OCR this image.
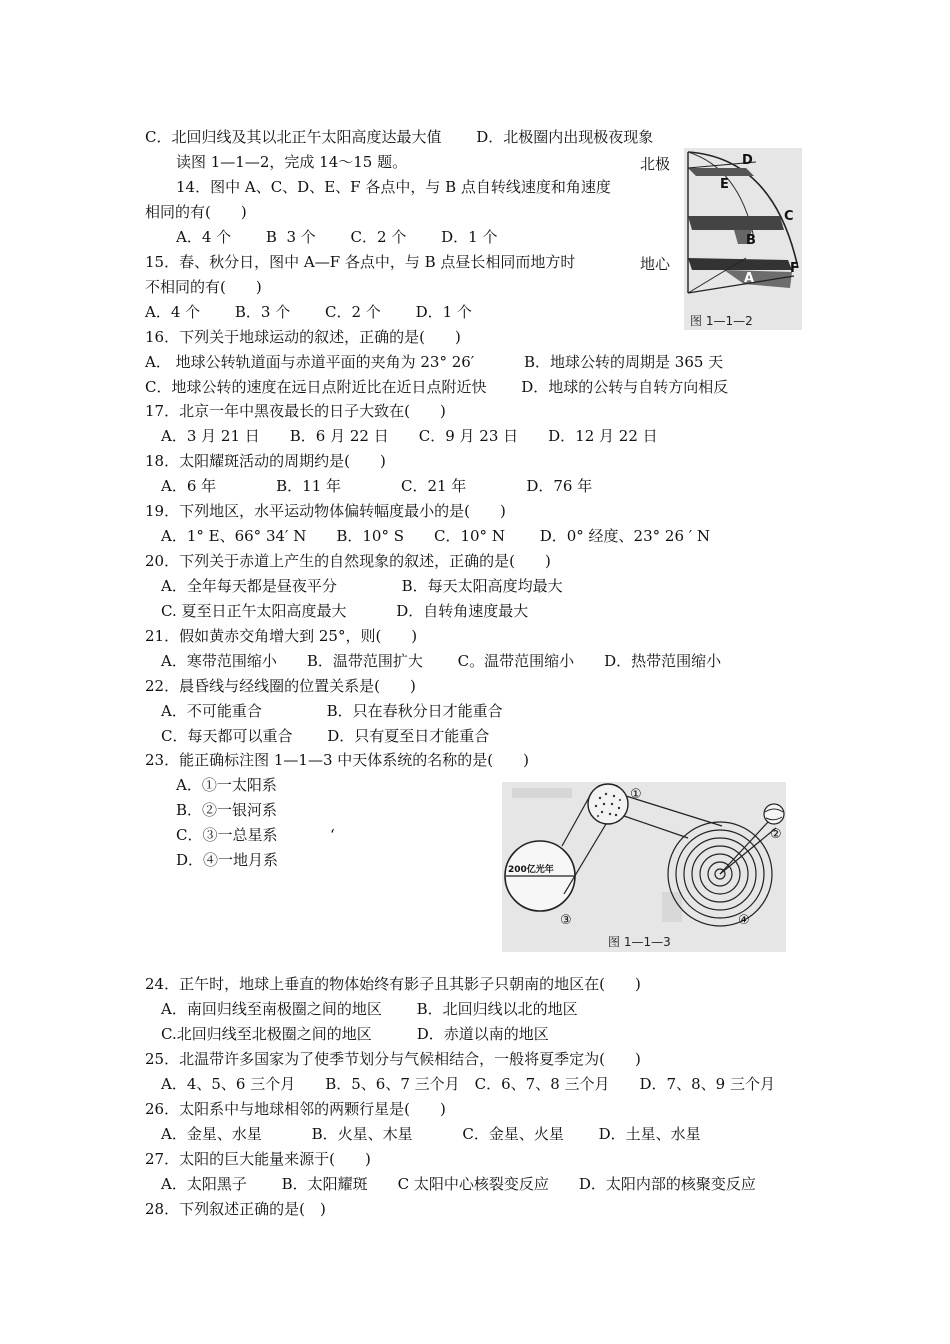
C．北回归线及其以北正午太阳高度达最大值　　 D．北极圈内出现极夜现象
读图 1—1—2，完成 14～15 题。
14．图中 A、C、D、E、F 各点中，与 B 点自转线速度和角速度
相同的有(　　)
A．4 个　　 B  3 个　　 C．2 个　　 D．1 个
15．春、秋分日，图中 A—F 各点中，与 B 点昼长相同而地方时
不相同的有(　　)
A．4 个　　 B．3 个　　 C．2 个　　 D．1 个
16．下列关于地球运动的叙述，正确的是(　　)
A． 地球公转轨道面与赤道平面的夹角为 23° 26′　　　 B．地球公转的周期是 365 天
C．地球公转的速度在远日点附近比在近日点附近快　　 D．地球的公转与自转方向相反
17．北京一年中黑夜最长的日子大致在(　　)
A．3 月 21 日　　B．6 月 22 日　　C．9 月 23 日　　D．12 月 22 日
18．太阳耀斑活动的周期约是(　　)
A．6 年　　　　B．11 年　　　　C．21 年　　　　D．76 年
19．下列地区，水平运动物体偏转幅度最小的是(　　)
A．1° E、66° 34′ N　　B．10° S　　C．10° N　　 D．0° 经度、23° 26 ′ N
20．下列关于赤道上产生的自然现象的叙述，正确的是(　　)
A．全年每天都是昼夜平分　　　　 B．每天太阳高度均最大
C. 夏至日正午太阳高度最大　　　 D．自转角速度最大
21．假如黄赤交角增大到 25°，则(　　)
A．寒带范围缩小　　B．温带范围扩大　　 C。温带范围缩小　　D．热带范围缩小
22．晨昏线与经线圈的位置关系是(　　)
A．不可能重合　　　　 B．只在春秋分日才能重合
C．每天都可以重合　　 D．只有夏至日才能重合
23．能正确标注图 1—1—3 中天体系统的名称的是(　　)
A．①一太阳系
B．②一银河系
C．③一总星系	‘
D．④一地月系
24．正午时，地球上垂直的物体始终有影子且其影子只朝南的地区在(　　)
A．南回归线至南极圈之间的地区　　 B．北回归线以北的地区
C.北回归线至北极圈之间的地区　　　D．赤道以南的地区
25．北温带许多国家为了使季节划分与气候相结合，一般将夏季定为(　　)
A．4、5、6 三个月　　B．5、6、7 三个月　C．6、7、8 三个月　　D．7、8、9 三个月
26．太阳系中与地球相邻的两颗行星是(　　)
A．金星、水星　　　 B．火星、木星　　　 C．金星、火星　　 D．土星、水星
27．太阳的巨大能量来源于(　　)
A．太阳黑子　　 B．太阳耀斑　　C 太阳中心核裂变反应　　D．太阳内部的核聚变反应
28．下列叙述正确的是(　)
北极
地心
D
E
C
B
A
F
图 1—1—2
200亿光年
①
②
③	④
图 1—1—3
